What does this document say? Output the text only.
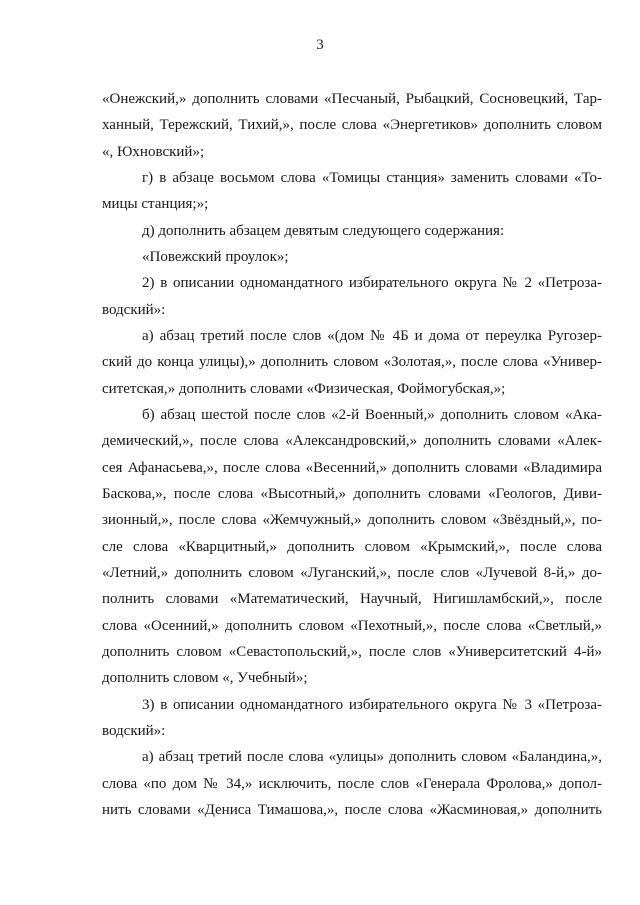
3
«Онежский,» дополнить словами «Песчаный, Рыбацкий, Сосновецкий, Тар-
ханный, Тережский, Тихий,», после слова «Энергетиков» дополнить словом
«, Юхновский»;
г) в абзаце восьмом слова «Томицы станция» заменить словами «То-
мицы станция;»;
д) дополнить абзацем девятым следующего содержания:
«Повежский проулок»;
2) в описании одномандатного избирательного округа № 2 «Петроза-
водский»:
а) абзац третий после слов «(дом № 4Б и дома от переулка Ругозер-
ский до конца улицы),» дополнить словом «Золотая,», после слова «Универ-
ситетская,» дополнить словами «Физическая, Фоймогубская,»;
б) абзац шестой после слов «2-й Военный,» дополнить словом «Ака-
демический,», после слова «Александровский,» дополнить словами «Алек-
сея Афанасьева,», после слова «Весенний,» дополнить словами «Владимира
Баскова,», после слова «Высотный,» дополнить словами «Геологов, Диви-
зионный,», после слова «Жемчужный,» дополнить словом «Звёздный,», по-
сле слова «Кварцитный,» дополнить словом «Крымский,», после слова
«Летний,» дополнить словом «Луганский,», после слов «Лучевой 8-й,» до-
полнить словами «Математический, Научный, Нигишламбский,», после
слова «Осенний,» дополнить словом «Пехотный,», после слова «Светлый,»
дополнить словом «Севастопольский,», после слов «Университетский 4-й»
дополнить словом «, Учебный»;
3) в описании одномандатного избирательного округа № 3 «Петроза-
водский»:
а) абзац третий после слова «улицы» дополнить словом «Баландина,»,
слова «по дом № 34,» исключить, после слов «Генерала Фролова,» допол-
нить словами «Дениса Тимашова,», после слова «Жасминовая,» дополнить
